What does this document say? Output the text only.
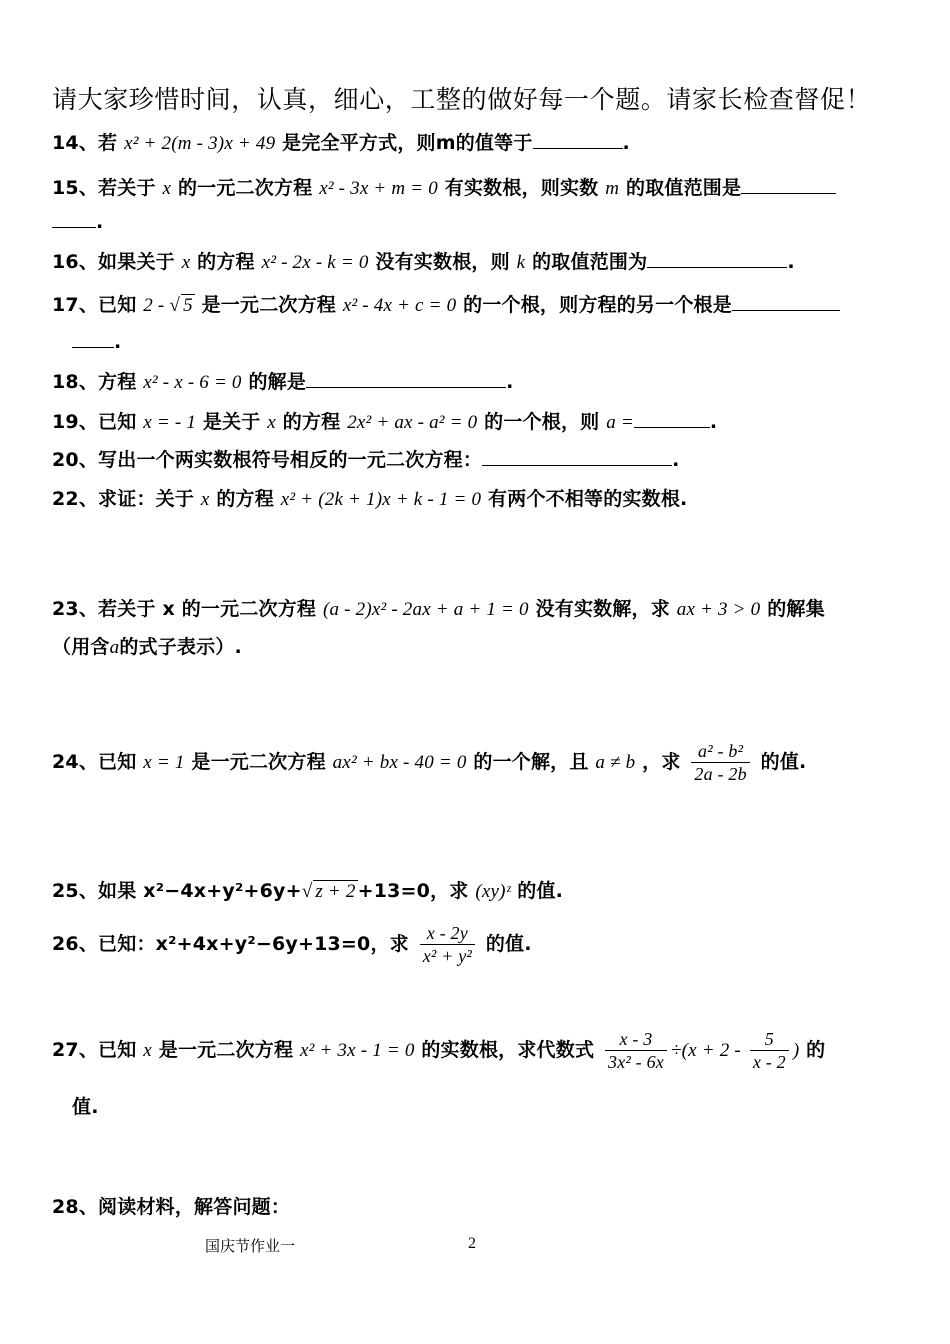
请大家珍惜时间，认真，细心，工整的做好每一个题。请家长检查督促！
14、若 x² + 2(m - 3)x + 49 是完全平方式，则m的值等于	.
15、若关于 x 的一元二次方程 x² - 3x + m = 0 有实数根，则实数 m 的取值范围是
.
16、如果关于 x 的方程 x² - 2x - k = 0 没有实数根，则 k 的取值范围为	.
17、已知 2 - √ 5 是一元二次方程 x² - 4x + c = 0 的一个根，则方程的另一个根是
.
18、方程 x² - x - 6 = 0 的解是	.
19、已知 x = - 1 是关于 x 的方程 2x² + ax - a² = 0 的一个根，则 a =	.
20、写出一个两实数根符号相反的一元二次方程：	.
22、求证：关于 x 的方程 x² + (2k + 1)x + k - 1 = 0 有两个不相等的实数根.
23、若关于 x 的一元二次方程 (a - 2)x² - 2ax + a + 1 = 0 没有实数解，求 ax + 3 > 0 的解集
（用含a的式子表示）.
24、已知 x = 1 是一元二次方程 ax² + bx - 40 = 0 的一个解，且 a ≠ b ，求 $\frac{\text{a² - b²}}{2a - 2b}$ 的值.
25、如果 x²−4x+y²+6y+√ z + 2 +13=0，求 (xy)ᶻ 的值.
26、已知：x²+4x+y²−6y+13=0，求 $\frac{x - 2y}{\text{x² + y²}}$ 的值.
27、已知 x 是一元二次方程 x² + 3x - 1 = 0 的实数根，求代数式 $\frac{x - 3}{\text{3x² - 6x}} \div(x + 2 - \frac{5}{x - 2}$ ) 的
值.
28、阅读材料，解答问题：
国庆节作业一	2
